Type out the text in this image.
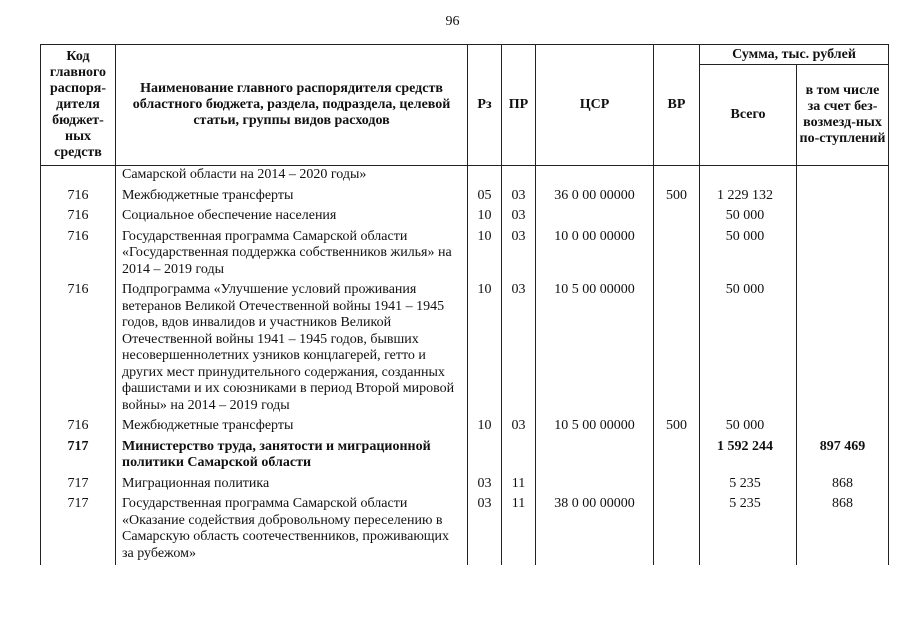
96
Код главного распоря-дителя бюджет-ных средств	Наименование главного распорядителя средств областного бюджета, раздела, подраздела, целевой статьи, группы видов расходов	Рз	ПР	ЦСР	ВР	Сумма, тыс. рублей	
						Всего	в том числе за счет без-возмезд-ных по-ступлений
	Самарской области на 2014 – 2020 годы»						
716	Межбюджетные трансферты	05	03	36 0 00 00000	500	1 229 132	
716	Социальное обеспечение населения	10	03			50 000	
716	Государственная программа Самарской области «Государственная поддержка собственников жилья» на 2014 – 2019 годы	10	03	10 0 00 00000		50 000	
716	Подпрограмма «Улучшение условий проживания ветеранов Великой Отечественной войны 1941 – 1945 годов, вдов инвалидов и участников Великой Отечественной войны 1941 – 1945 годов, бывших несовершеннолетних узников концлагерей, гетто и других мест принудительного содержания, созданных фашистами и их союзниками в период Второй мировой войны» на 2014 – 2019 годы	10	03	10 5 00 00000		50 000	
716	Межбюджетные трансферты	10	03	10 5 00 00000	500	50 000	
717	Министерство труда, занятости и миграционной политики Самарской области					1 592 244	897 469
717	Миграционная политика	03	11			5 235	868
717	Государственная программа Самарской области «Оказание содействия добровольному переселению в Самарскую область соотечественников, проживающих за рубежом»	03	11	38 0 00 00000		5 235	868
